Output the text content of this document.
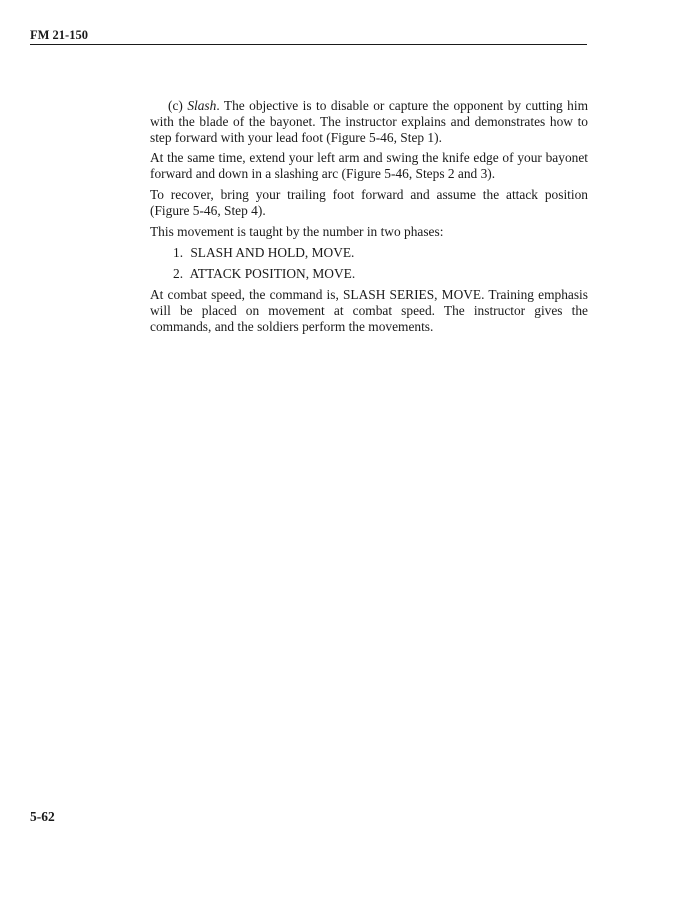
FM 21-150

(c) Slash. The objective is to disable or capture the opponent by cutting him with the blade of the bayonet. The instructor explains and demonstrates how to step forward with your lead foot (Figure 5-46, Step 1).

At the same time, extend your left arm and swing the knife edge of your bayonet forward and down in a slashing arc (Figure 5-46, Steps 2 and 3).

To recover, bring your trailing foot forward and assume the attack position (Figure 5-46, Step 4).

This movement is taught by the number in two phases:

1. SLASH AND HOLD, MOVE.
2. ATTACK POSITION, MOVE.

At combat speed, the command is, SLASH SERIES, MOVE. Training emphasis will be placed on movement at combat speed. The instructor gives the commands, and the soldiers perform the movements.

5-62
